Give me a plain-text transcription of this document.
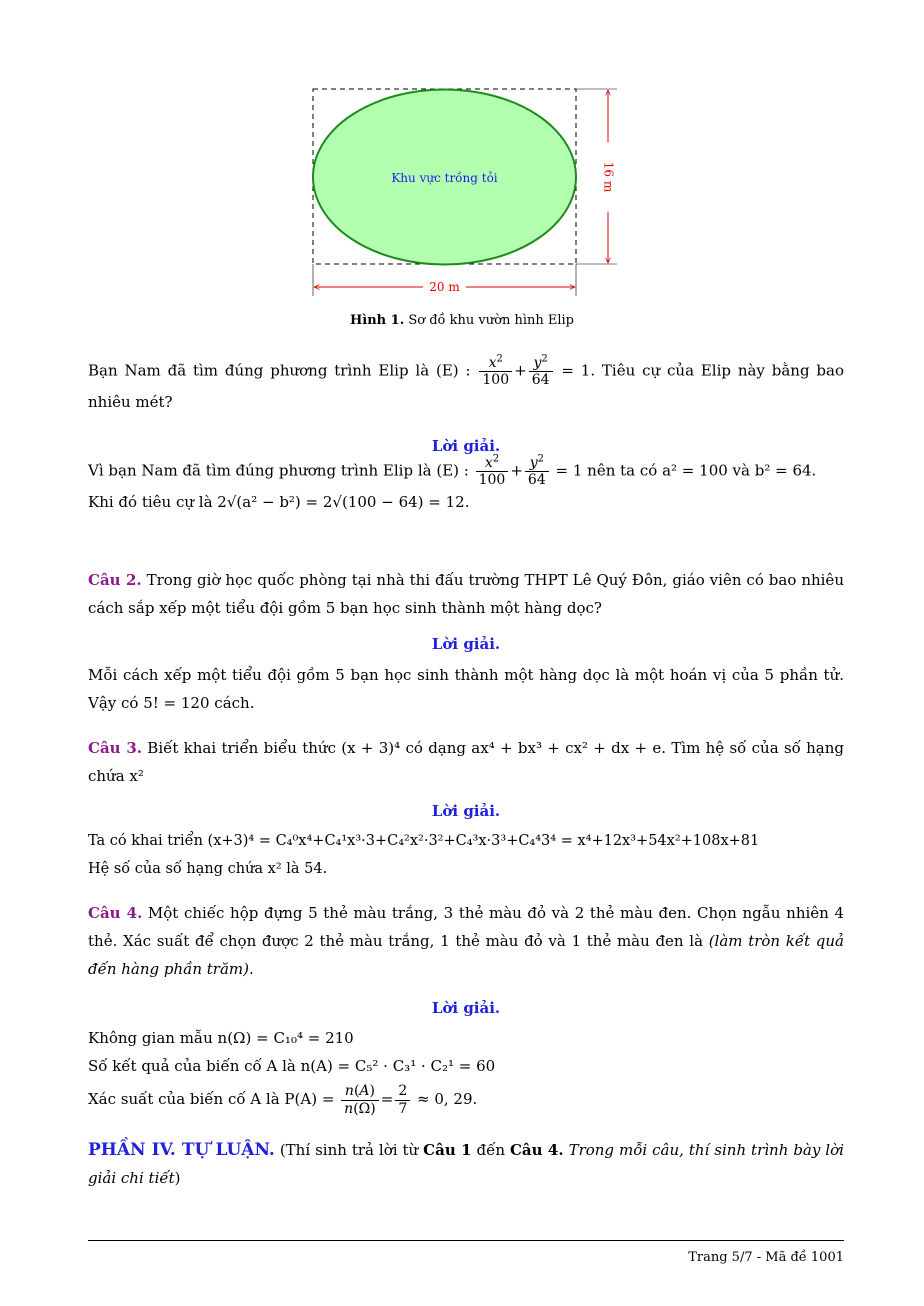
Khu vực trồng tỏi	16 m
20 m
Hình 1. Sơ đồ khu vườn hình Elip
Bạn Nam đã tìm đúng phương trình Elip là (E) : $\frac{x^2}{100} + \frac{y^2}{64} = 1$. Tiêu cự của Elip này bằng bao nhiêu mét?
Lời giải.

Vì bạn Nam đã tìm đúng phương trình Elip là (E) : $\frac{x^2}{100} + \frac{y^2}{64} = 1$ nên ta có a² = 100 và b² = 64.

Khi đó tiêu cự là 2√(a² − b²) = 2√(100 − 64) = 12.

Câu 2. Trong giờ học quốc phòng tại nhà thi đấu trường THPT Lê Quý Đôn, giáo viên có bao nhiêu cách sắp xếp một tiểu đội gồm 5 bạn học sinh thành một hàng dọc?
Lời giải.
Mỗi cách xếp một tiểu đội gồm 5 bạn học sinh thành một hàng dọc là một hoán vị của 5 phần tử. Vậy có 5! = 120 cách.
Câu 3. Biết khai triển biểu thức (x + 3)⁴ có dạng ax⁴ + bx³ + cx² + dx + e. Tìm hệ số của số hạng chứa x²
Lời giải.

Ta có khai triển (x+3)⁴ = C₄⁰x⁴+C₄¹x³·3+C₄²x²·3²+C₄³x·3³+C₄⁴3⁴ = x⁴+12x³+54x²+108x+81

Hệ số của số hạng chứa x² là 54.

Câu 4. Một chiếc hộp đựng 5 thẻ màu trắng, 3 thẻ màu đỏ và 2 thẻ màu đen. Chọn ngẫu nhiên 4 thẻ. Xác suất để chọn được 2 thẻ màu trắng, 1 thẻ màu đỏ và 1 thẻ màu đen là (làm tròn kết quả đến hàng phần trăm).
Lời giải.

Không gian mẫu n(Ω) = C₁₀⁴ = 210

Số kết quả của biến cố A là n(A) = C₅² · C₃¹ · C₂¹ = 60

Xác suất của biến cố A là $P(A) = \frac{n(A)}{n(\Omega)} = \frac{2}{7} \approx 0$, 29.

PHẦN IV. TỰ LUẬN. (Thí sinh trả lời từ Câu 1 đến Câu 4. Trong mỗi câu, thí sinh trình bày lời giải chi tiết)
Trang 5/7 - Mã đề 1001
